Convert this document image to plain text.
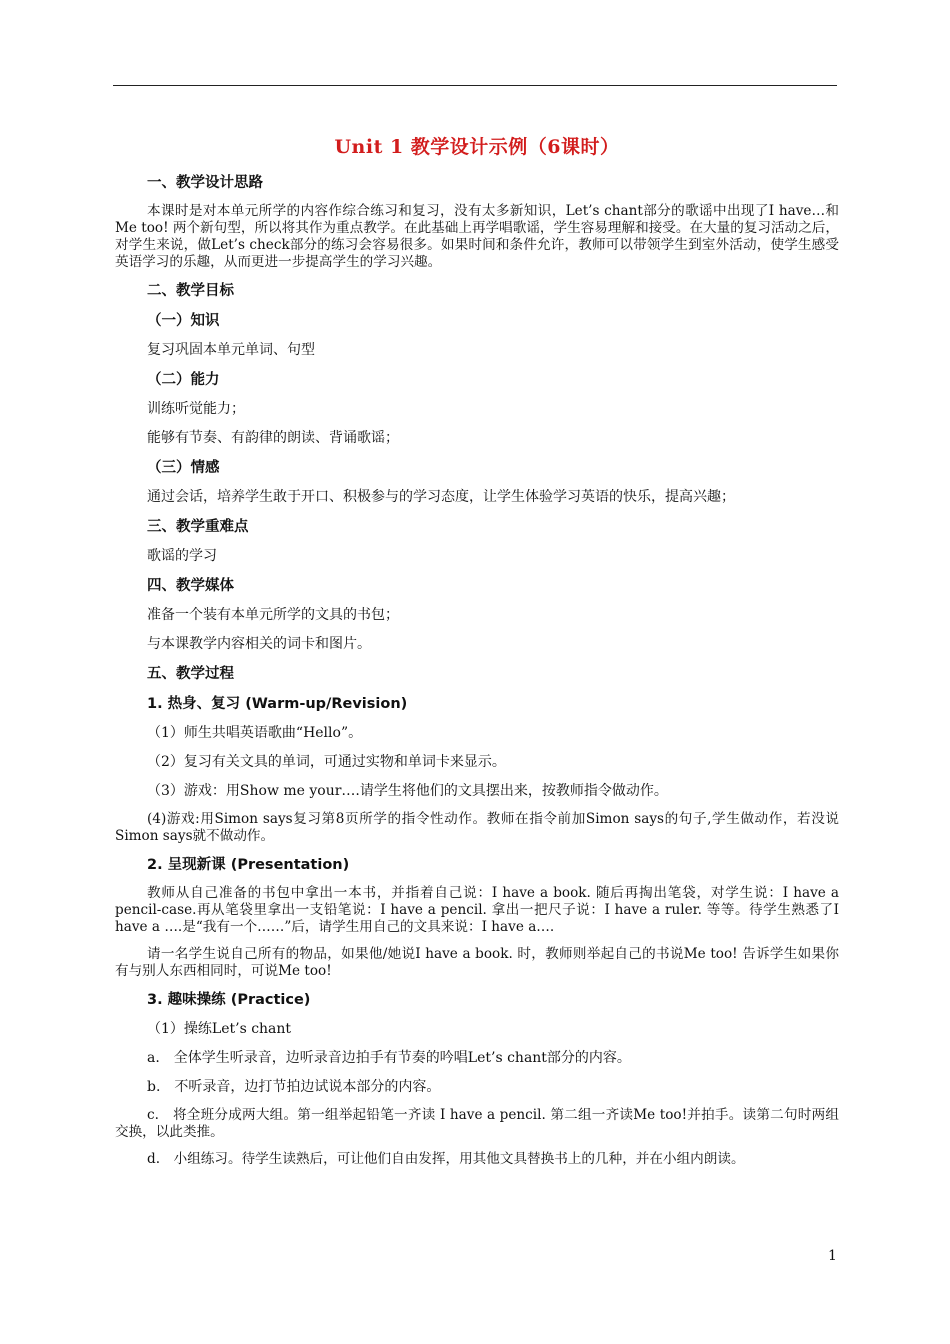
Unit 1 教学设计示例（6课时）
一、教学设计思路
本课时是对本单元所学的内容作综合练习和复习，没有太多新知识，Let’s chant部分的歌谣中出现了I have…和Me too! 两个新句型，所以将其作为重点教学。在此基础上再学唱歌谣，学生容易理解和接受。在大量的复习活动之后，对学生来说，做Let’s check部分的练习会容易很多。如果时间和条件允许，教师可以带领学生到室外活动，使学生感受英语学习的乐趣，从而更进一步提高学生的学习兴趣。
二、教学目标
（一）知识
复习巩固本单元单词、句型
（二）能力
训练听觉能力；
能够有节奏、有韵律的朗读、背诵歌谣；
（三）情感
通过会话，培养学生敢于开口、积极参与的学习态度，让学生体验学习英语的快乐，提高兴趣；
三、教学重难点
歌谣的学习
四、教学媒体
准备一个装有本单元所学的文具的书包；
与本课教学内容相关的词卡和图片。
五、教学过程
1. 热身、复习 (Warm-up/Revision)
（1）师生共唱英语歌曲“Hello”。
（2）复习有关文具的单词，可通过实物和单词卡来显示。
（3）游戏：用Show me your….请学生将他们的文具摆出来，按教师指令做动作。
(4)游戏:用Simon says复习第8页所学的指令性动作。教师在指令前加Simon says的句子,学生做动作，若没说Simon says就不做动作。
2. 呈现新课 (Presentation)
教师从自己准备的书包中拿出一本书，并指着自己说：I have a book. 随后再掏出笔袋，对学生说：I have a pencil-case.再从笔袋里拿出一支铅笔说：I have a pencil. 拿出一把尺子说：I have a ruler. 等等。待学生熟悉了I have a ….是“我有一个……”后，请学生用自己的文具来说：I have a….
请一名学生说自己所有的物品，如果他/她说I have a book. 时，教师则举起自己的书说Me too! 告诉学生如果你有与别人东西相同时，可说Me too!
3. 趣味操练 (Practice)
（1）操练Let’s chant
a.　全体学生听录音，边听录音边拍手有节奏的吟唱Let’s chant部分的内容。
b.　不听录音，边打节拍边试说本部分的内容。
c.　将全班分成两大组。第一组举起铅笔一齐读 I have a pencil. 第二组一齐读Me too!并拍手。读第二句时两组交换，以此类推。
d.　小组练习。待学生读熟后，可让他们自由发挥，用其他文具替换书上的几种，并在小组内朗读。
1
